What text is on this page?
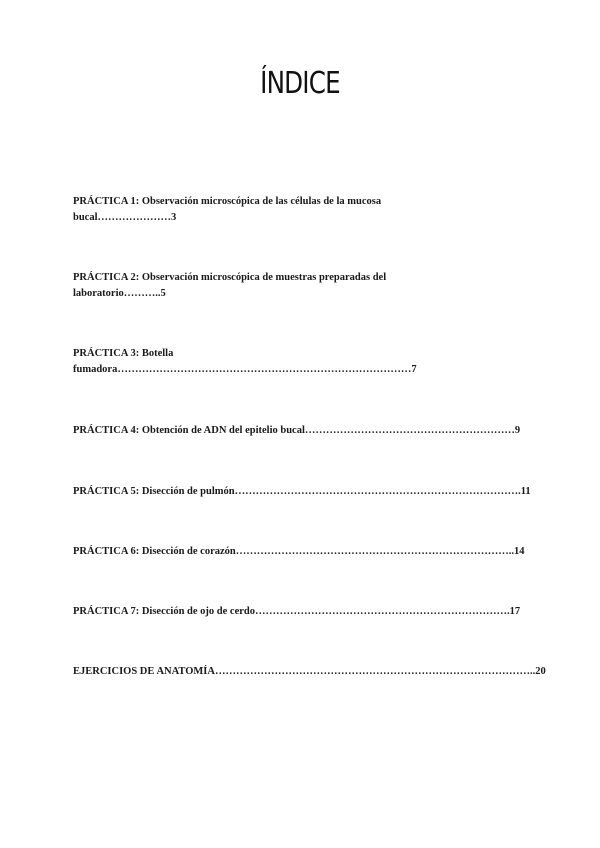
ÍNDICE
PRÁCTICA 1: Observación microscópica de las células de la mucosa
bucal…………………3
PRÁCTICA 2: Observación microscópica de muestras preparadas del
laboratorio………..5
PRÁCTICA 3: Botella
fumadora…………………………………………………………………………7
PRÁCTICA 4: Obtención de ADN del epitelio bucal……………………………………………………9
PRÁCTICA 5: Disección de pulmón……………………………………………………………………….11
PRÁCTICA 6: Disección de corazón……………………………………………………………………..14
PRÁCTICA 7: Disección de ojo de cerdo……………………………………………………………….17
EJERCICIOS DE ANATOMÍA………………………………………………………………………………..20
